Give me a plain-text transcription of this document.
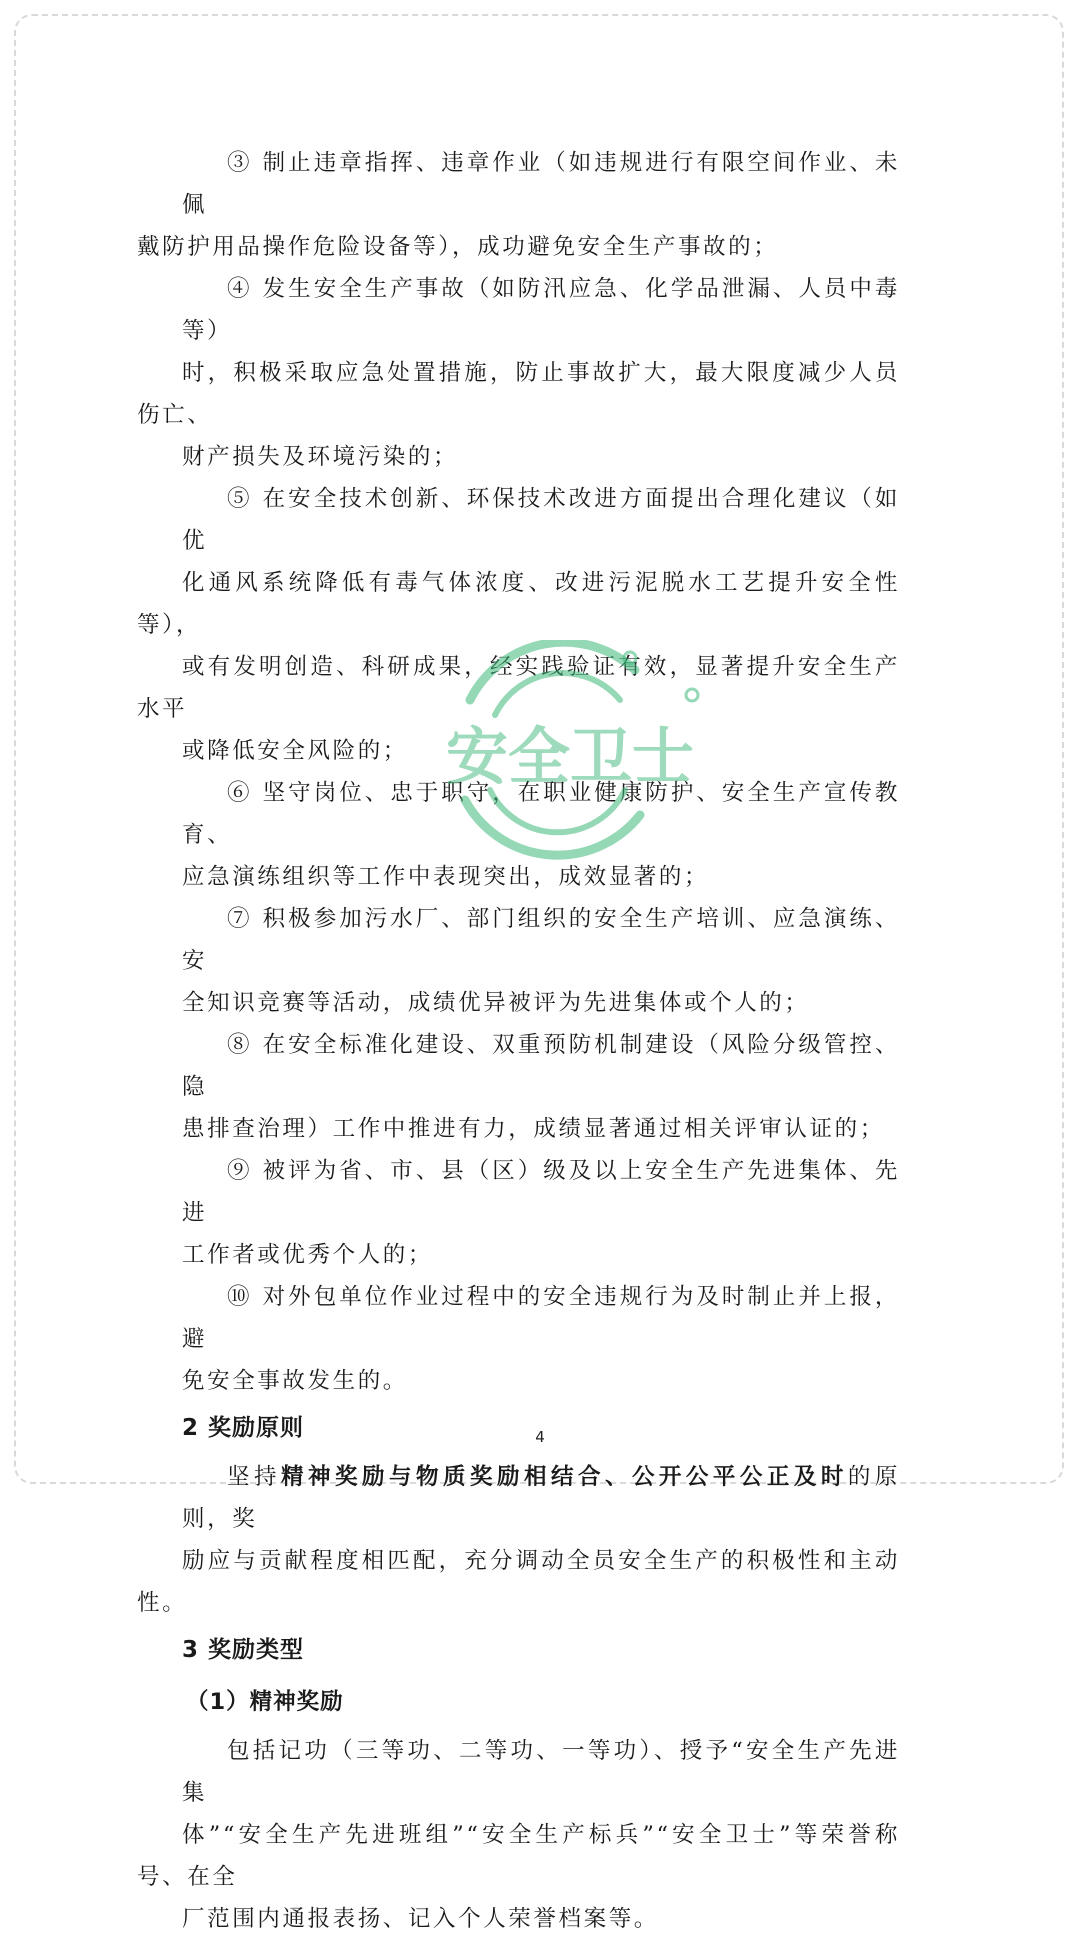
③ 制止违章指挥、违章作业（如违规进行有限空间作业、未佩
戴防护用品操作危险设备等），成功避免安全生产事故的；
④ 发生安全生产事故（如防汛应急、化学品泄漏、人员中毒等）
时，积极采取应急处置措施，防止事故扩大，最大限度减少人员伤亡、
财产损失及环境污染的；
⑤ 在安全技术创新、环保技术改进方面提出合理化建议（如优
化通风系统降低有毒气体浓度、改进污泥脱水工艺提升安全性等），
或有发明创造、科研成果，经实践验证有效，显著提升安全生产水平
或降低安全风险的；
⑥ 坚守岗位、忠于职守，在职业健康防护、安全生产宣传教育、
应急演练组织等工作中表现突出，成效显著的；
⑦ 积极参加污水厂、部门组织的安全生产培训、应急演练、安
全知识竞赛等活动，成绩优异被评为先进集体或个人的；
⑧ 在安全标准化建设、双重预防机制建设（风险分级管控、隐
患排查治理）工作中推进有力，成绩显著通过相关评审认证的；
⑨ 被评为省、市、县（区）级及以上安全生产先进集体、先进
工作者或优秀个人的；
⑩ 对外包单位作业过程中的安全违规行为及时制止并上报，避
免安全事故发生的。
2 奖励原则
坚持精神奖励与物质奖励相结合、公开公平公正及时的原则，奖
励应与贡献程度相匹配，充分调动全员安全生产的积极性和主动性。
3 奖励类型
（1）精神奖励
包括记功（三等功、二等功、一等功）、授予“安全生产先进集
体”“安全生产先进班组”“安全生产标兵”“安全卫士”等荣誉称号、在全
厂范围内通报表扬、记入个人荣誉档案等。
安全卫士
4
